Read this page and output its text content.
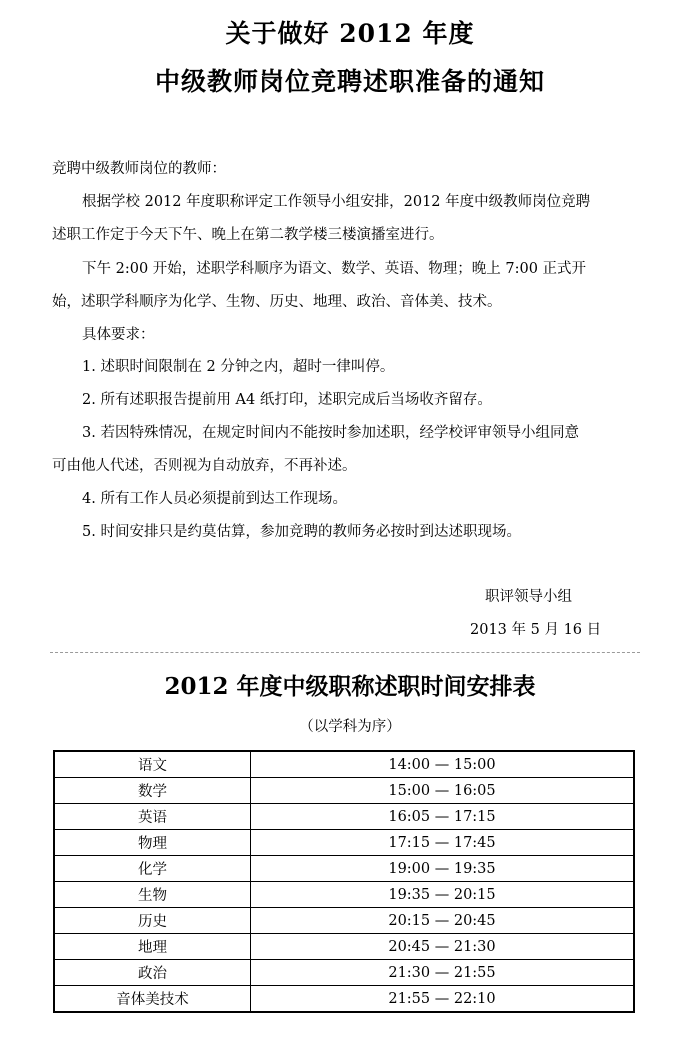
关于做好 2012 年度
中级教师岗位竞聘述职准备的通知
竞聘中级教师岗位的教师：
根据学校 2012 年度职称评定工作领导小组安排，2012 年度中级教师岗位竞聘
述职工作定于今天下午、晚上在第二教学楼三楼演播室进行。
下午 2:00 开始，述职学科顺序为语文、数学、英语、物理；晚上 7:00 正式开
始，述职学科顺序为化学、生物、历史、地理、政治、音体美、技术。
具体要求：
1. 述职时间限制在 2 分钟之内，超时一律叫停。
2. 所有述职报告提前用 A4 纸打印，述职完成后当场收齐留存。
3. 若因特殊情况，在规定时间内不能按时参加述职，经学校评审领导小组同意
可由他人代述，否则视为自动放弃，不再补述。
4. 所有工作人员必须提前到达工作现场。
5. 时间安排只是约莫估算，参加竞聘的教师务必按时到达述职现场。
职评领导小组
2013 年 5 月 16 日
2012 年度中级职称述职时间安排表
（以学科为序）
语文	14:00 — 15:00
数学	15:00 — 16:05
英语	16:05 — 17:15
物理	17:15 — 17:45
化学	19:00 — 19:35
生物	19:35 — 20:15
历史	20:15 — 20:45
地理	20:45 — 21:30
政治	21:30 — 21:55
音体美技术	21:55 — 22:10
